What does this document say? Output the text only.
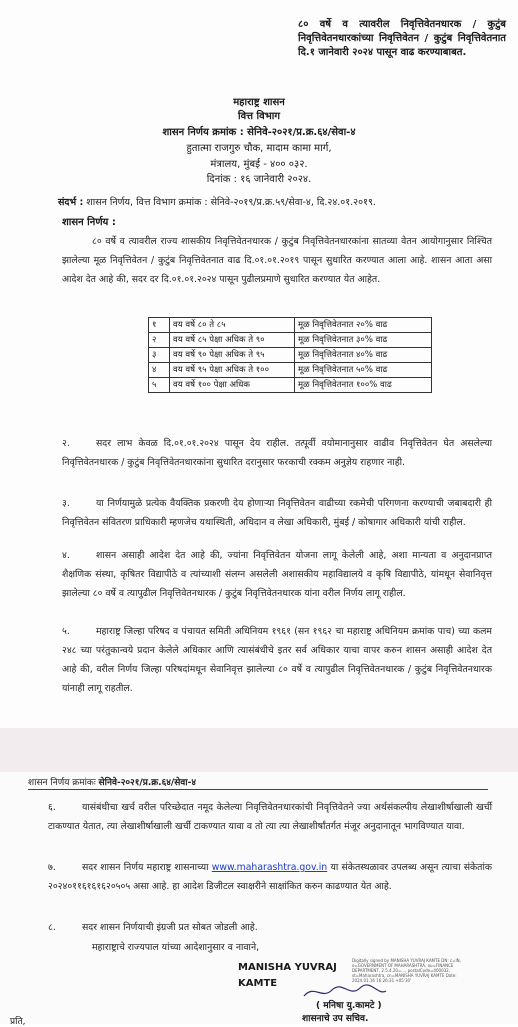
८० वर्षे व त्यावरील निवृत्तिवेतनधारक / कुटुंब निवृत्तिवेतनधारकांच्या निवृत्तिवेतन / कुटुंब निवृत्तिवेतनात दि.१ जानेवारी २०२४ पासून वाढ करण्याबाबत.
महाराष्ट्र शासन
वित्त विभाग
शासन निर्णय क्रमांक : सेनिवे-२०२१/प्र.क्र.६४/सेवा-४
हुतात्मा राजगुरु चौक, मादाम कामा मार्ग,
मंत्रालय, मुंबई - ४०० ०३२.
दिनांक : १६ जानेवारी २०२४.
संदर्भ : शासन निर्णय, वित्त विभाग क्रमांक : सेनिवे-२०१९/प्र.क्र.५९/सेवा-४, दि.२४.०१.२०१९.
शासन निर्णय :
८० वर्षे व त्यावरील राज्य शासकीय निवृत्तिवेतनधारक / कुटुंब निवृत्तिवेतनधारकांना सातव्या वेतन आयोगानुसार निश्चित झालेल्या मूळ निवृत्तिवेतन / कुटुंब निवृत्तिवेतनात वाढ दि.०१.०१.२०१९ पासून सुधारित करण्यात आला आहे. शासन आता असा आदेश देत आहे की, सदर दर दि.०१.०१.२०२४ पासून पुढीलप्रमाणे सुधारित करण्यात येत आहेत.
१	वय वर्षे ८० ते ८५	मूळ निवृत्तिवेतनात २०% वाढ
२	वय वर्षे ८५ पेक्षा अधिक ते ९०	मूळ निवृत्तिवेतनात ३०% वाढ
३	वय वर्षे ९० पेक्षा अधिक ते ९५	मूळ निवृत्तिवेतनात ४०% वाढ
४	वय वर्षे ९५ पेक्षा अधिक ते १००	मूळ निवृत्तिवेतनात ५०% वाढ
५	वय वर्षे १०० पेक्षा अधिक	मूळ निवृत्तिवेतनात १००% वाढ
२.	सदर लाभ केवळ दि.०१.०१.२०२४ पासून देय राहील. तत्पूर्वी वयोमानानुसार वाढीव निवृत्तिवेतन घेत असलेल्या निवृत्तिवेतनधारक / कुटुंब निवृत्तिवेतनधारकांना सुधारित दरानुसार फरकाची रक्कम अनुज्ञेय राहणार नाही.
३.	या निर्णयामुळे प्रत्येक वैयक्तिक प्रकरणी देय होणाऱ्या निवृत्तिवेतन वाढीच्या रकमेची परिगणना करण्याची जबाबदारी ही निवृत्तिवेतन संवितरण प्राधिकारी म्हणजेच यथास्थिती, अधिदान व लेखा अधिकारी, मुंबई / कोषागार अधिकारी यांची राहील.
४.	शासन असाही आदेश देत आहे की, ज्यांना निवृत्तिवेतन योजना लागू केलेली आहे, अशा मान्यता व अनुदानप्राप्त शैक्षणिक संस्था, कृषितर विद्यापीठे व त्यांच्याशी संलग्न असलेली अशासकीय महाविद्यालये व कृषि विद्यापीठे, यांमधून सेवानिवृत्त झालेल्या ८० वर्षे व त्यापुढील निवृत्तिवेतनधारक / कुटुंब निवृत्तिवेतनधारक यांना वरील निर्णय लागू राहील.
५.	महाराष्ट्र जिल्हा परिषद व पंचायत समिती अधिनियम १९६१ (सन १९६२ चा महाराष्ट्र अधिनियम क्रमांक पाच) च्या कलम २४८ च्या परंतुकान्वये प्रदान केलेले अधिकार आणि त्यासंबंधीचे इतर सर्व अधिकार याचा वापर करुन शासन असाही आदेश देत आहे की, वरील निर्णय जिल्हा परिषदांमधून सेवानिवृत्त झालेल्या ८० वर्षे व त्यापुढील निवृत्तिवेतनधारक / कुटुंब निवृत्तिवेतनधारक यांनाही लागू राहतील.
शासन निर्णय क्रमांकः सेनिवे-२०२१/प्र.क्र.६४/सेवा-४
६.	यासंबंधीचा खर्च वरील परिच्छेदात नमूद केलेल्या निवृत्तिवेतनधारकांची निवृत्तिवेतने ज्या अर्थसंकल्पीय लेखाशीर्षाखाली खर्ची टाकण्यात येतात, त्या लेखाशीर्षाखाली खर्ची टाकण्यात यावा व तो त्या त्या लेखाशीर्षांतर्गत मंजूर अनुदानातून भागविण्यात यावा.
७.	सदर शासन निर्णय महाराष्ट्र शासनाच्या www.maharashtra.gov.in या संकेतस्थळावर उपलब्ध असून त्याचा संकेतांक २०२४०११६१६१६२०५०५ असा आहे. हा आदेश डिजीटल स्वाक्षरीने साक्षांकित करुन काढण्यात येत आहे.
८.	सदर शासन निर्णयाची इंग्रजी प्रत सोबत जोडली आहे.
महाराष्ट्राचे राज्यपाल यांच्या आदेशानुसार व नावाने,
MANISHA YUVRAJ
KAMTE
Digitally signed by MANISHA YUVRAJ KAMTE DN: c=IN, o=GOVERNMENT OF MAHARASHTRA, ou=FINANCE DEPARTMENT, 2.5.4.20=..., postalCode=400032, st=Maharashtra, cn=MANISHA YUVRAJ KAMTE Date: 2024.01.16 16:26:31 +05'30'
( मनिषा यु.कामटे )
शासनाचे उप सचिव.
प्रति,
